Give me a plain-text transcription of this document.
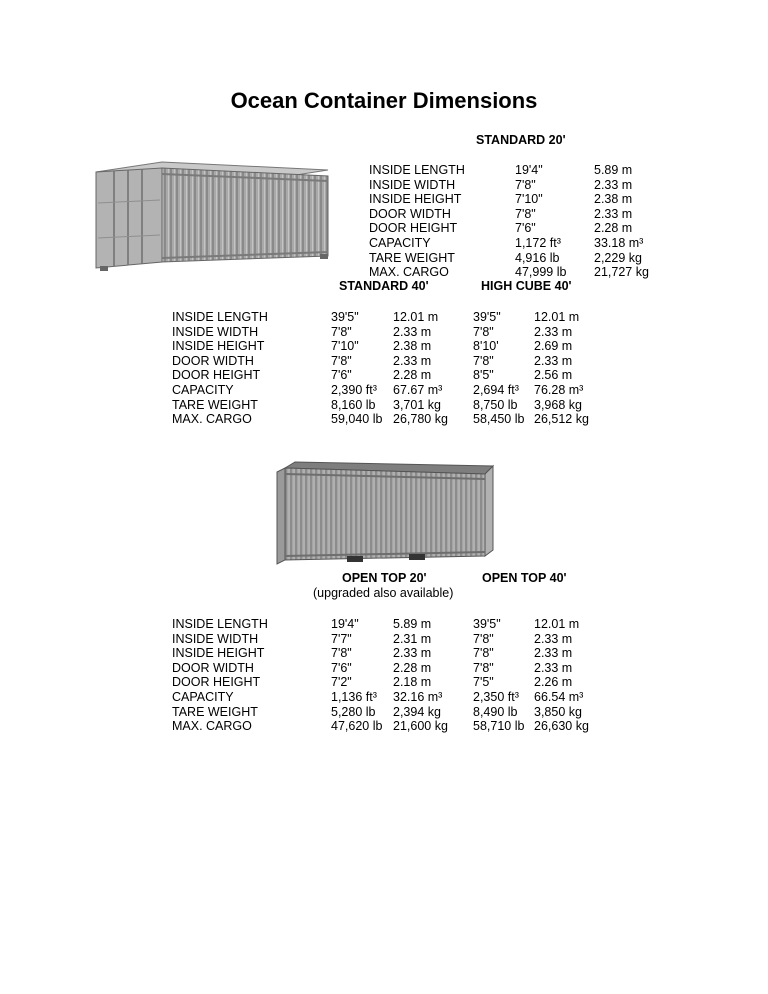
Ocean Container Dimensions
STANDARD 20'
INSIDE LENGTH
INSIDE WIDTH
INSIDE HEIGHT
DOOR WIDTH
DOOR HEIGHT
CAPACITY
TARE WEIGHT
MAX. CARGO
19'4"
7'8"
7'10"
7'8"
7'6"
1,172 ft³
4,916 lb
47,999 lb
5.89 m
2.33 m
2.38 m
2.33 m
2.28 m
33.18 m³
2,229 kg
21,727 kg
STANDARD 40'	HIGH CUBE 40'
INSIDE LENGTH
INSIDE WIDTH
INSIDE HEIGHT
DOOR WIDTH
DOOR HEIGHT
CAPACITY
TARE WEIGHT
MAX. CARGO
39'5"
7'8"
7'10"
7'8"
7'6"
2,390 ft³
8,160 lb
59,040 lb
12.01 m
2.33 m
2.38 m
2.33 m
2.28 m
67.67 m³
3,701 kg
26,780 kg
39'5"
7'8"
8'10'
7'8"
8'5"
2,694 ft³
8,750 lb
58,450 lb
12.01 m
2.33 m
2.69 m
2.33 m
2.56 m
76.28 m³
3,968 kg
26,512 kg
OPEN TOP 20'	OPEN TOP 40'
(upgraded also available)
INSIDE LENGTH
INSIDE WIDTH
INSIDE HEIGHT
DOOR WIDTH
DOOR HEIGHT
CAPACITY
TARE WEIGHT
MAX. CARGO
19'4"
7'7"
7'8"
7'6"
7'2"
1,136 ft³
5,280 lb
47,620 lb
5.89 m
2.31 m
2.33 m
2.28 m
2.18 m
32.16 m³
2,394 kg
21,600 kg
39'5"
7'8"
7'8"
7'8"
7'5"
2,350 ft³
8,490 lb
58,710 lb
12.01 m
2.33 m
2.33 m
2.33 m
2.26 m
66.54 m³
3,850 kg
26,630 kg
